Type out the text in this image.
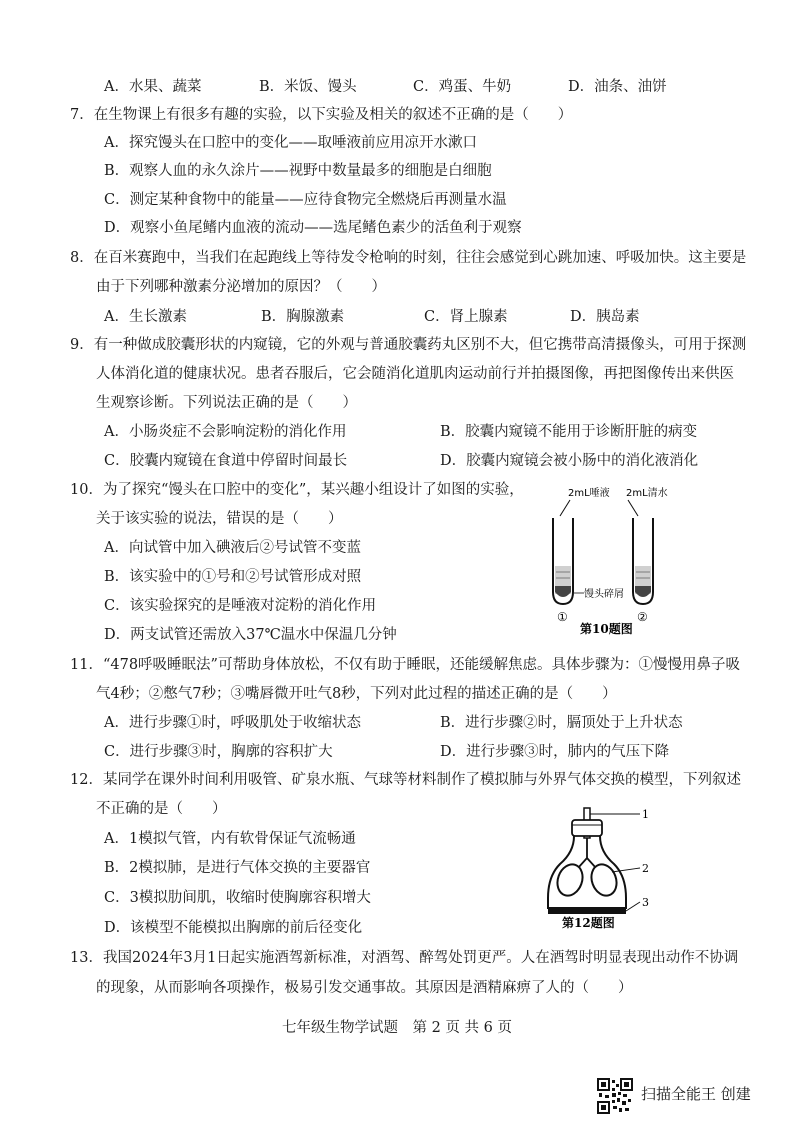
A．水果、蔬菜	B．米饭、馒头	C．鸡蛋、牛奶	D．油条、油饼
7．在生物课上有很多有趣的实验，以下实验及相关的叙述不正确的是（　　）
A．探究馒头在口腔中的变化——取唾液前应用凉开水漱口
B．观察人血的永久涂片——视野中数量最多的细胞是白细胞
C．测定某种食物中的能量——应待食物完全燃烧后再测量水温
D．观察小鱼尾鳍内血液的流动——选尾鳍色素少的活鱼利于观察
8．在百米赛跑中，当我们在起跑线上等待发令枪响的时刻，往往会感觉到心跳加速、呼吸加快。这主要是
由于下列哪种激素分泌增加的原因？（　　）
A．生长激素	B．胸腺激素	C．肾上腺素	D．胰岛素
9．有一种做成胶囊形状的内窥镜，它的外观与普通胶囊药丸区别不大，但它携带高清摄像头，可用于探测
人体消化道的健康状况。患者吞服后，它会随消化道肌肉运动前行并拍摄图像，再把图像传出来供医
生观察诊断。下列说法正确的是（　　）
A．小肠炎症不会影响淀粉的消化作用	B．胶囊内窥镜不能用于诊断肝脏的病变
C．胶囊内窥镜在食道中停留时间最长	D．胶囊内窥镜会被小肠中的消化液消化
10．为了探究“馒头在口腔中的变化”，某兴趣小组设计了如图的实验，
关于该实验的说法，错误的是（　　）
A．向试管中加入碘液后②号试管不变蓝
B．该实验中的①号和②号试管形成对照
C．该实验探究的是唾液对淀粉的消化作用
D．两支试管还需放入37℃温水中保温几分钟
2mL唾液 2mL清水
馒头碎屑
①	②
第10题图
11．“478呼吸睡眠法”可帮助身体放松，不仅有助于睡眠，还能缓解焦虑。具体步骤为：①慢慢用鼻子吸
气4秒；②憋气7秒；③嘴唇微开吐气8秒，下列对此过程的描述正确的是（　　）
A．进行步骤①时，呼吸肌处于收缩状态	B．进行步骤②时，膈顶处于上升状态
C．进行步骤③时，胸廓的容积扩大	D．进行步骤③时，肺内的气压下降
12．某同学在课外时间利用吸管、矿泉水瓶、气球等材料制作了模拟肺与外界气体交换的模型，下列叙述
不正确的是（　　）
A．1模拟气管，内有软骨保证气流畅通
B．2模拟肺，是进行气体交换的主要器官
C．3模拟肋间肌，收缩时使胸廓容积增大
D．该模型不能模拟出胸廓的前后径变化
1
2
3
第12题图
13．我国2024年3月1日起实施酒驾新标准，对酒驾、醉驾处罚更严。人在酒驾时明显表现出动作不协调
的现象，从而影响各项操作，极易引发交通事故。其原因是酒精麻痹了人的（　　）
七年级生物学试题　第 2 页 共 6 页
扫描全能王 创建
